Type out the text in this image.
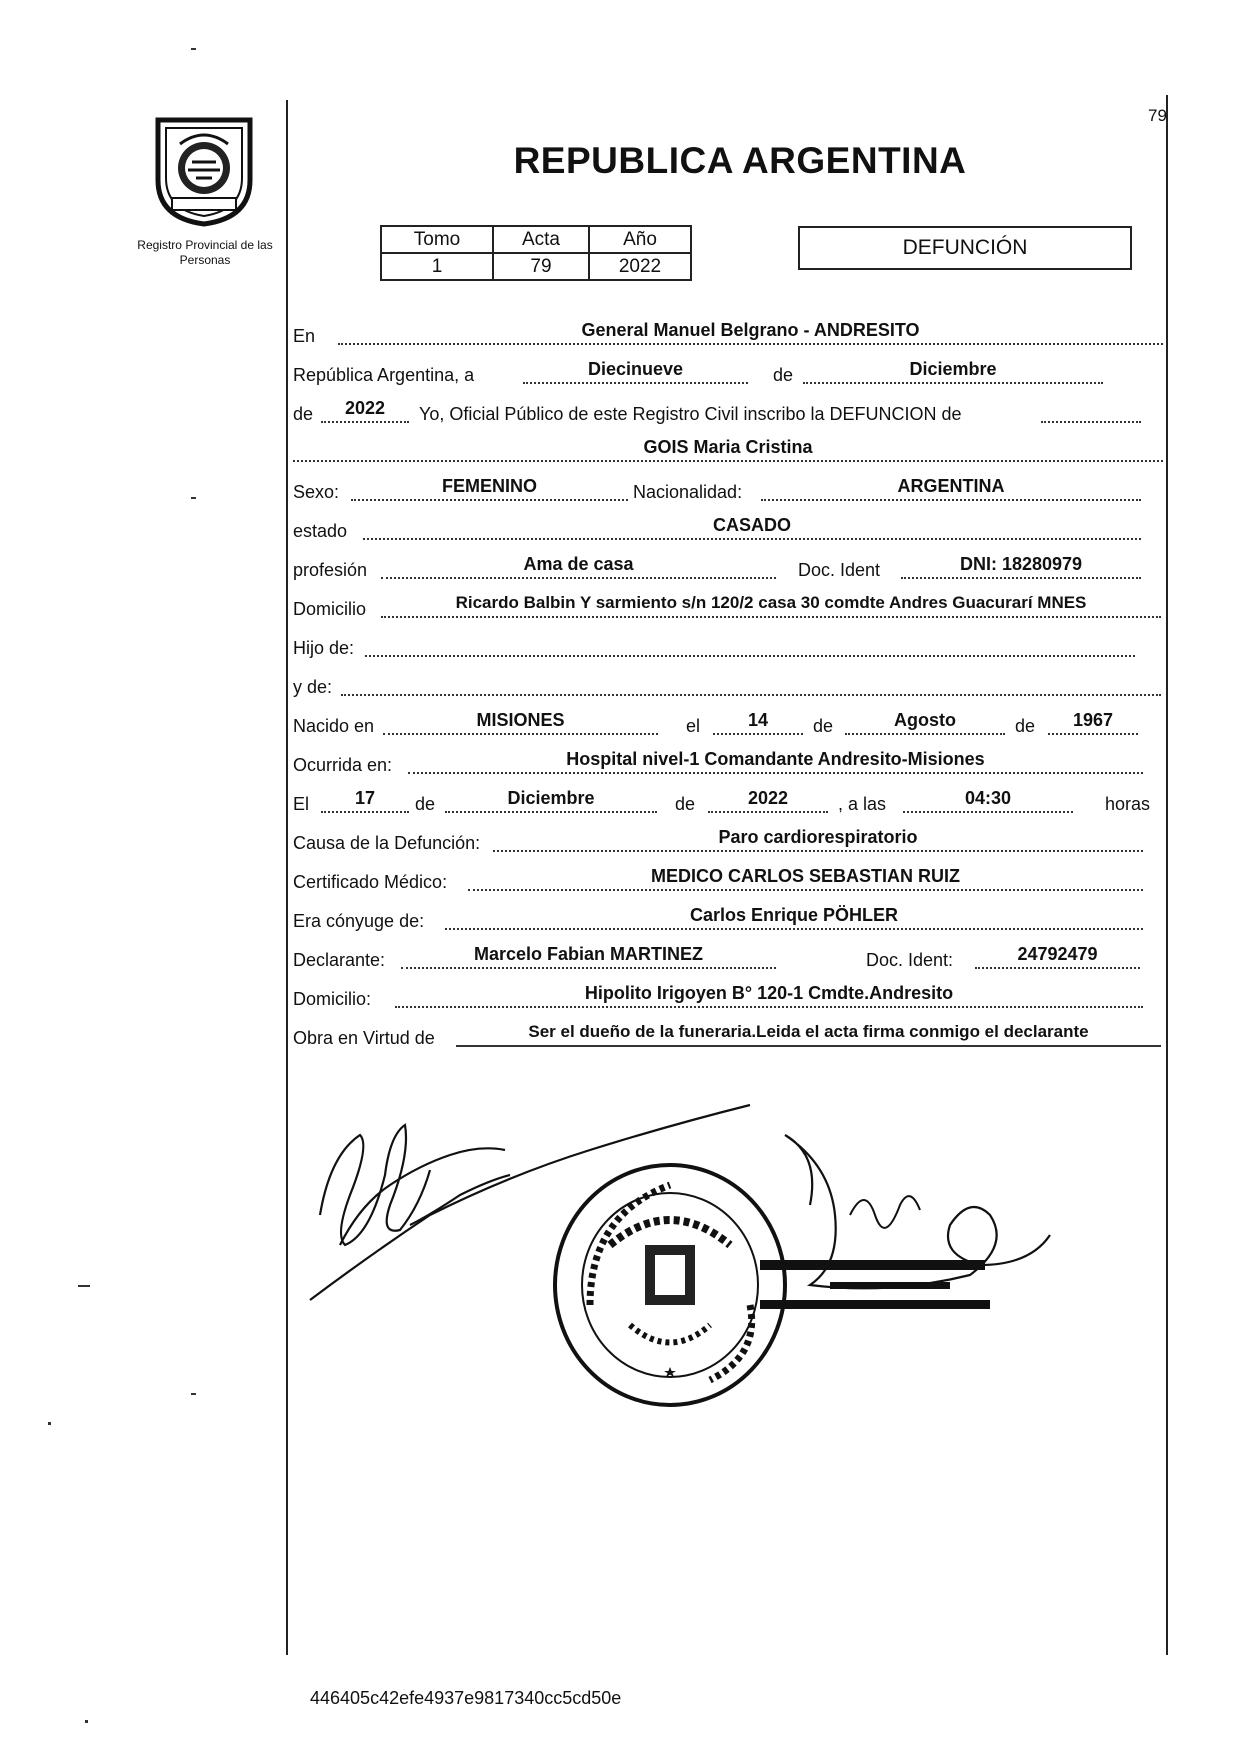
Registro Provincial de las Personas
79
REPUBLICA ARGENTINA
Tomo	Acta	Año
1	79	2022
DEFUNCIÓN
En	General Manuel Belgrano - ANDRESITO
República Argentina, a	Diecinueve	de	Diciembre
de	2022	Yo, Oficial Público de este Registro Civil inscribo la DEFUNCION de
GOIS Maria Cristina
Sexo:	FEMENINO	Nacionalidad:	ARGENTINA
estado	CASADO
profesión	Ama de casa	Doc. Ident	DNI: 18280979
Domicilio	Ricardo Balbin Y sarmiento s/n 120/2 casa 30 comdte Andres Guacurarí MNES
Hijo de:
y de:
Nacido en	MISIONES	el	14	de	Agosto	de	1967
Ocurrida en:	Hospital nivel-1 Comandante Andresito-Misiones
El	17	de	Diciembre	de	2022	, a las	04:30	horas
Causa de la Defunción:	Paro cardiorespiratorio
Certificado Médico:	MEDICO CARLOS SEBASTIAN RUIZ
Era cónyuge de:	Carlos Enrique PÖHLER
Declarante:	Marcelo Fabian MARTINEZ	Doc. Ident:	24792479
Domicilio:	Hipolito Irigoyen B° 120-1 Cmdte.Andresito
Obra en Virtud de	Ser el dueño de la funeraria.Leida el acta firma conmigo el declarante
446405c42efe4937e9817340cc5cd50e
